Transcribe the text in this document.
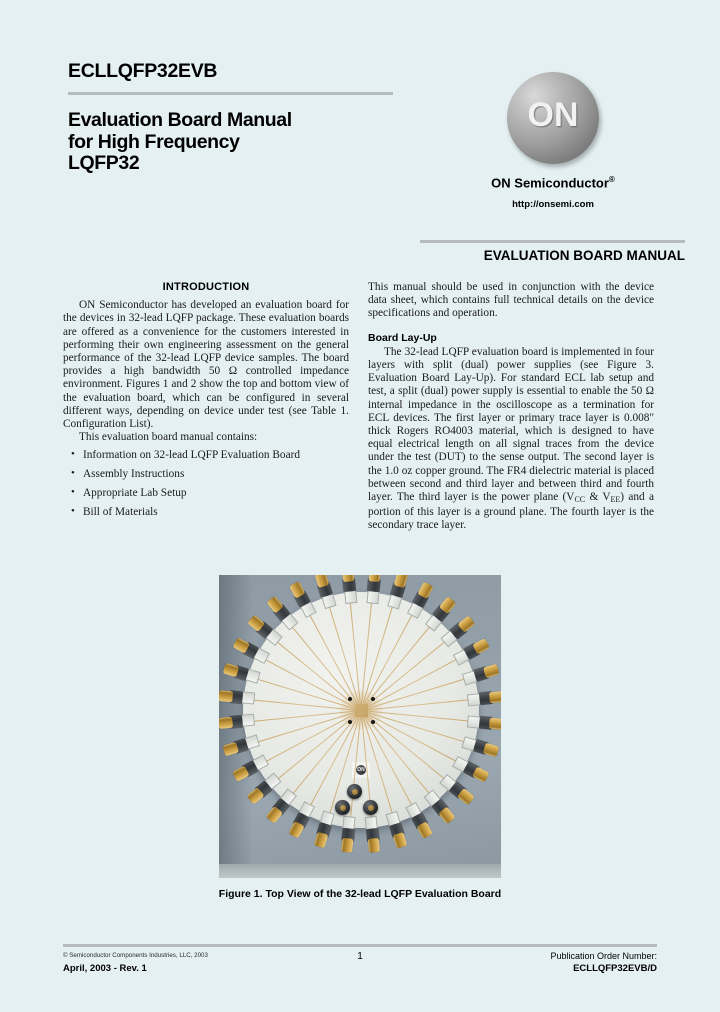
ECLLQFP32EVB
Evaluation Board Manual
for High Frequency
LQFP32
ON
ON Semiconductor®
http://onsemi.com
EVALUATION BOARD MANUAL
INTRODUCTION

ON Semiconductor has developed an evaluation board for the devices in 32-lead LQFP package. These evaluation boards are offered as a convenience for the customers interested in performing their own engineering assessment on the general performance of the 32-lead LQFP device samples. The board provides a high bandwidth 50 Ω controlled impedance environment. Figures 1 and 2 show the top and bottom view of the evaluation board, which can be configured in several different ways, depending on device under test (see Table 1. Configuration List).

This evaluation board manual contains:

• Information on 32-lead LQFP Evaluation Board
• Assembly Instructions
• Appropriate Lab Setup
• Bill of Materials

This manual should be used in conjunction with the device data sheet, which contains full technical details on the device specifications and operation.

Board Lay-Up

The 32-lead LQFP evaluation board is implemented in four layers with split (dual) power supplies (see Figure 3. Evaluation Board Lay-Up). For standard ECL lab setup and test, a split (dual) power supply is essential to enable the 50 Ω internal impedance in the oscilloscope as a termination for ECL devices. The first layer or primary trace layer is 0.008" thick Rogers RO4003 material, which is designed to have equal electrical length on all signal traces from the device under the test (DUT) to the sense output. The second layer is the 1.0 oz copper ground. The FR4 dielectric material is placed between second and third layer and between third and fourth layer. The third layer is the power plane ($V_{CC}$ & $V_{EE}$) and a portion of this layer is a ground plane. The fourth layer is the secondary trace layer.

ON
Figure 1. Top View of the 32-lead LQFP Evaluation Board
© Semiconductor Components Industries, LLC, 2003
April, 2003 - Rev. 1
1	Publication Order Number:
ECLLQFP32EVB/D
